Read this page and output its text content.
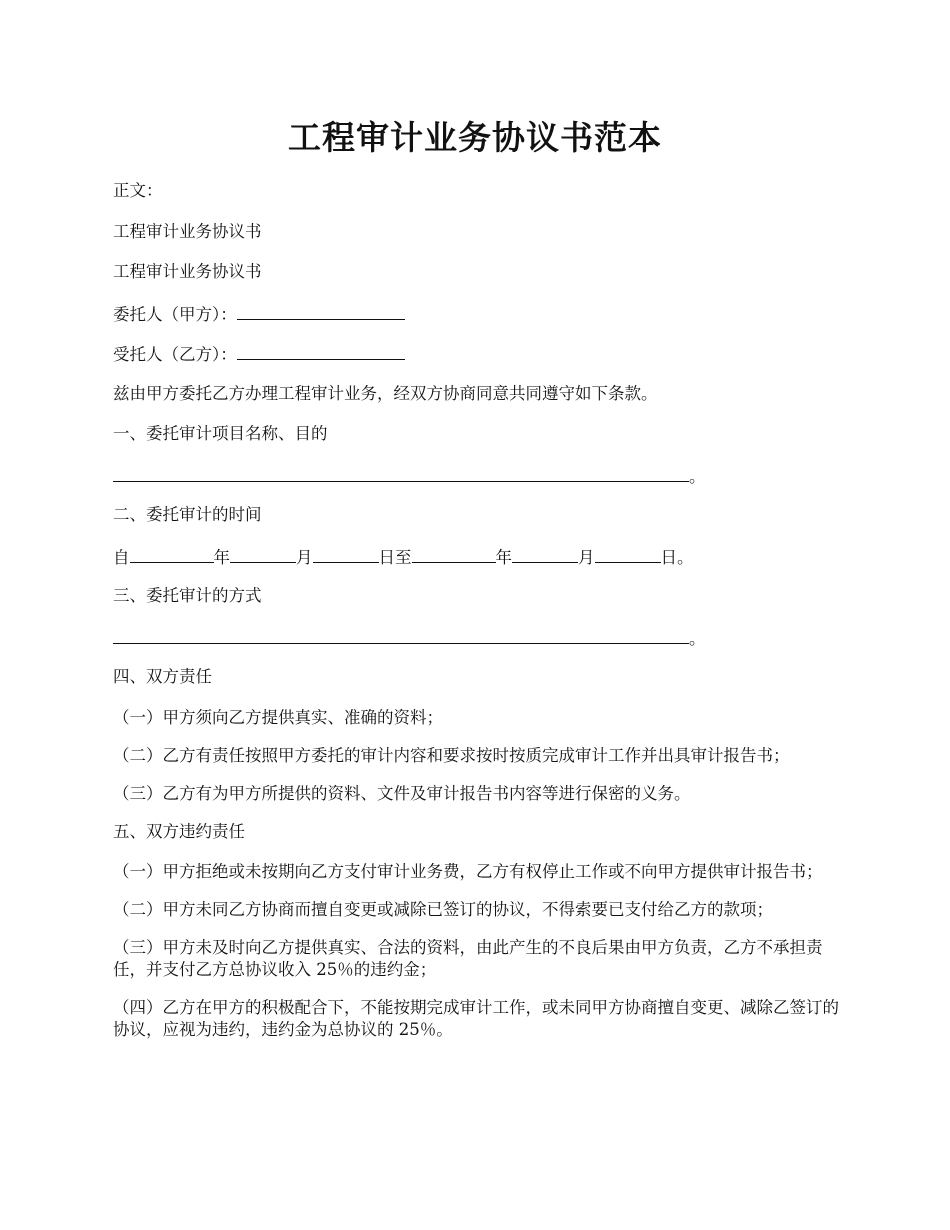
工程审计业务协议书范本

正文：

工程审计业务协议书

工程审计业务协议书

委托人（甲方）：

受托人（乙方）：

兹由甲方委托乙方办理工程审计业务，经双方协商同意共同遵守如下条款。

一、委托审计项目名称、目的

。

二、委托审计的时间

自	年	月	日至	年	月	日。

三、委托审计的方式

。

四、双方责任

（一）甲方须向乙方提供真实、准确的资料；

（二）乙方有责任按照甲方委托的审计内容和要求按时按质完成审计工作并出具审计报告书；

（三）乙方有为甲方所提供的资料、文件及审计报告书内容等进行保密的义务。

五、双方违约责任

（一）甲方拒绝或未按期向乙方支付审计业务费，乙方有权停止工作或不向甲方提供审计报告书；

（二）甲方未同乙方协商而擅自变更或减除已签订的协议，不得索要已支付给乙方的款项；

（三）甲方未及时向乙方提供真实、合法的资料，由此产生的不良后果由甲方负责，乙方不承担责任，并支付乙方总协议收入 25％的违约金；

（四）乙方在甲方的积极配合下，不能按期完成审计工作，或未同甲方协商擅自变更、减除乙签订的协议，应视为违约，违约金为总协议的 25％。
